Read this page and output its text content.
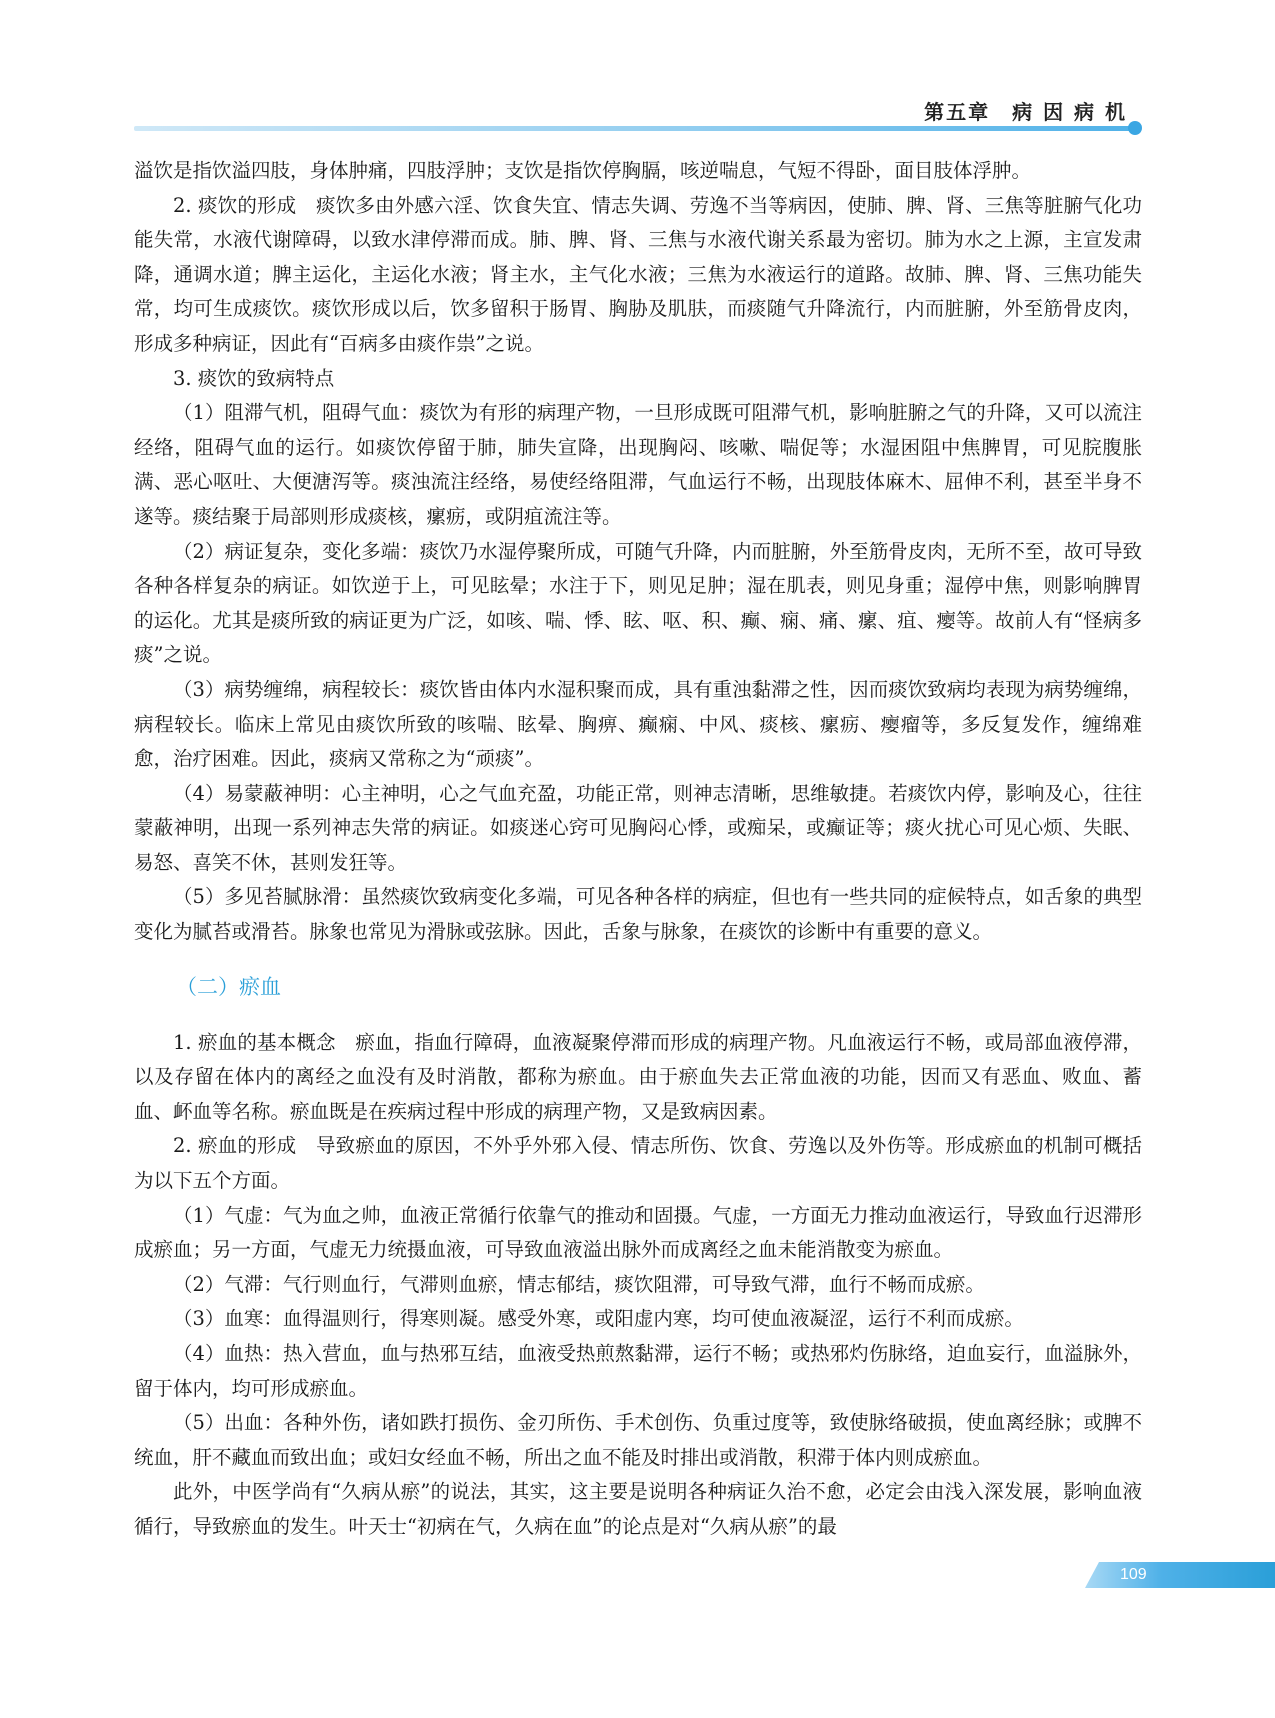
第五章　病 因 病 机

溢饮是指饮溢四肢，身体肿痛，四肢浮肿；支饮是指饮停胸膈，咳逆喘息，气短不得卧，面目肢体浮肿。

2. 痰饮的形成　痰饮多由外感六淫、饮食失宜、情志失调、劳逸不当等病因，使肺、脾、肾、三焦等脏腑气化功能失常，水液代谢障碍，以致水津停滞而成。肺、脾、肾、三焦与水液代谢关系最为密切。肺为水之上源，主宣发肃降，通调水道；脾主运化，主运化水液；肾主水，主气化水液；三焦为水液运行的道路。故肺、脾、肾、三焦功能失常，均可生成痰饮。痰饮形成以后，饮多留积于肠胃、胸胁及肌肤，而痰随气升降流行，内而脏腑，外至筋骨皮肉，形成多种病证，因此有“百病多由痰作祟”之说。

3. 痰饮的致病特点

（1）阻滞气机，阻碍气血：痰饮为有形的病理产物，一旦形成既可阻滞气机，影响脏腑之气的升降，又可以流注经络，阻碍气血的运行。如痰饮停留于肺，肺失宣降，出现胸闷、咳嗽、喘促等；水湿困阻中焦脾胃，可见脘腹胀满、恶心呕吐、大便溏泻等。痰浊流注经络，易使经络阻滞，气血运行不畅，出现肢体麻木、屈伸不利，甚至半身不遂等。痰结聚于局部则形成痰核，瘰疬，或阴疽流注等。

（2）病证复杂，变化多端：痰饮乃水湿停聚所成，可随气升降，内而脏腑，外至筋骨皮肉，无所不至，故可导致各种各样复杂的病证。如饮逆于上，可见眩晕；水注于下，则见足肿；湿在肌表，则见身重；湿停中焦，则影响脾胃的运化。尤其是痰所致的病证更为广泛，如咳、喘、悸、眩、呕、积、癫、痫、痛、瘰、疽、瘿等。故前人有“怪病多痰”之说。

（3）病势缠绵，病程较长：痰饮皆由体内水湿积聚而成，具有重浊黏滞之性，因而痰饮致病均表现为病势缠绵，病程较长。临床上常见由痰饮所致的咳喘、眩晕、胸痹、癫痫、中风、痰核、瘰疬、瘿瘤等，多反复发作，缠绵难愈，治疗困难。因此，痰病又常称之为“顽痰”。

（4）易蒙蔽神明：心主神明，心之气血充盈，功能正常，则神志清晰，思维敏捷。若痰饮内停，影响及心，往往蒙蔽神明，出现一系列神志失常的病证。如痰迷心窍可见胸闷心悸，或痴呆，或癫证等；痰火扰心可见心烦、失眠、易怒、喜笑不休，甚则发狂等。

（5）多见苔腻脉滑：虽然痰饮致病变化多端，可见各种各样的病症，但也有一些共同的症候特点，如舌象的典型变化为腻苔或滑苔。脉象也常见为滑脉或弦脉。因此，舌象与脉象，在痰饮的诊断中有重要的意义。

（二）瘀血

1. 瘀血的基本概念　瘀血，指血行障碍，血液凝聚停滞而形成的病理产物。凡血液运行不畅，或局部血液停滞，以及存留在体内的离经之血没有及时消散，都称为瘀血。由于瘀血失去正常血液的功能，因而又有恶血、败血、蓄血、衃血等名称。瘀血既是在疾病过程中形成的病理产物，又是致病因素。

2. 瘀血的形成　导致瘀血的原因，不外乎外邪入侵、情志所伤、饮食、劳逸以及外伤等。形成瘀血的机制可概括为以下五个方面。

（1）气虚：气为血之帅，血液正常循行依靠气的推动和固摄。气虚，一方面无力推动血液运行，导致血行迟滞形成瘀血；另一方面，气虚无力统摄血液，可导致血液溢出脉外而成离经之血未能消散变为瘀血。

（2）气滞：气行则血行，气滞则血瘀，情志郁结，痰饮阻滞，可导致气滞，血行不畅而成瘀。

（3）血寒：血得温则行，得寒则凝。感受外寒，或阳虚内寒，均可使血液凝涩，运行不利而成瘀。

（4）血热：热入营血，血与热邪互结，血液受热煎熬黏滞，运行不畅；或热邪灼伤脉络，迫血妄行，血溢脉外，留于体内，均可形成瘀血。

（5）出血：各种外伤，诸如跌打损伤、金刃所伤、手术创伤、负重过度等，致使脉络破损，使血离经脉；或脾不统血，肝不藏血而致出血；或妇女经血不畅，所出之血不能及时排出或消散，积滞于体内则成瘀血。

此外，中医学尚有“久病从瘀”的说法，其实，这主要是说明各种病证久治不愈，必定会由浅入深发展，影响血液循行，导致瘀血的发生。叶天士“初病在气，久病在血”的论点是对“久病从瘀”的最

109
